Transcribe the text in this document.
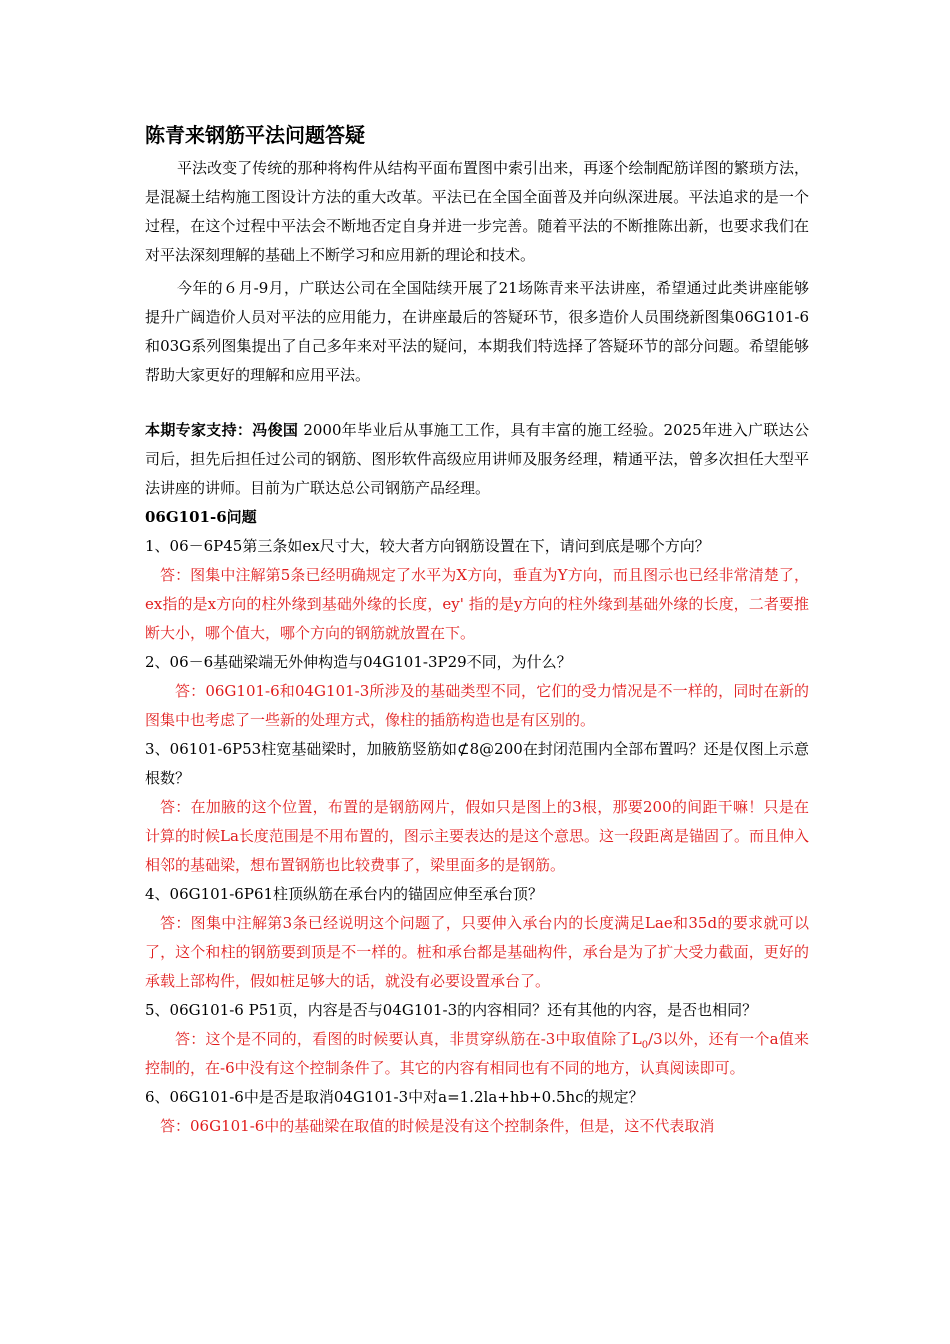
陈青来钢筋平法问题答疑

平法改变了传统的那种将构件从结构平面布置图中索引出来，再逐个绘制配筋详图的繁琐方法，是混凝土结构施工图设计方法的重大改革。平法已在全国全面普及并向纵深进展。平法追求的是一个过程，在这个过程中平法会不断地否定自身并进一步完善。随着平法的不断推陈出新，也要求我们在对平法深刻理解的基础上不断学习和应用新的理论和技术。

今年的６月-9月，广联达公司在全国陆续开展了21场陈青来平法讲座，希望通过此类讲座能够提升广阔造价人员对平法的应用能力，在讲座最后的答疑环节，很多造价人员围绕新图集06G101-6和03G系列图集提出了自己多年来对平法的疑问，本期我们特选择了答疑环节的部分问题。希望能够帮助大家更好的理解和应用平法。

本期专家支持：冯俊国 2000年毕业后从事施工工作，具有丰富的施工经验。2025年进入广联达公司后，担先后担任过公司的钢筋、图形软件高级应用讲师及服务经理，精通平法，曾多次担任大型平法讲座的讲师。目前为广联达总公司钢筋产品经理。

06G101-6问题

1、06－6P45第三条如ex尺寸大，较大者方向钢筋设置在下，请问到底是哪个方向？

答：图集中注解第5条已经明确规定了水平为X方向，垂直为Y方向，而且图示也已经非常清楚了，ex指的是x方向的柱外缘到基础外缘的长度，ey' 指的是y方向的柱外缘到基础外缘的长度，二者要推断大小，哪个值大，哪个方向的钢筋就放置在下。

2、06－6基础梁端无外伸构造与04G101-3P29不同，为什么？

答：06G101-6和04G101-3所涉及的基础类型不同，它们的受力情况是不一样的，同时在新的图集中也考虑了一些新的处理方式，像柱的插筋构造也是有区别的。

3、06101-6P53柱宽基础梁时，加腋筋竖筋如⊄8@200在封闭范围内全部布置吗？还是仅图上示意根数？

答：在加腋的这个位置，布置的是钢筋网片，假如只是图上的3根，那要200的间距干嘛！只是在计算的时候La长度范围是不用布置的，图示主要表达的是这个意思。这一段距离是锚固了。而且伸入相邻的基础梁，想布置钢筋也比较费事了，梁里面多的是钢筋。

4、06G101-6P61柱顶纵筋在承台内的锚固应伸至承台顶？

答：图集中注解第3条已经说明这个问题了，只要伸入承台内的长度满足Lae和35d的要求就可以了，这个和柱的钢筋要到顶是不一样的。桩和承台都是基础构件，承台是为了扩大受力截面，更好的承载上部构件，假如桩足够大的话，就没有必要设置承台了。

5、06G101-6 P51页，内容是否与04G101-3的内容相同？还有其他的内容，是否也相同？

答：这个是不同的，看图的时候要认真，非贯穿纵筋在-3中取值除了$L_0/3$以外，还有一个a值来控制的，在-6中没有这个控制条件了。其它的内容有相同也有不同的地方，认真阅读即可。

6、06G101-6中是否是取消04G101-3中对a=1.2la+hb+0.5hc的规定？

答：06G101-6中的基础梁在取值的时候是没有这个控制条件，但是，这不代表取消
